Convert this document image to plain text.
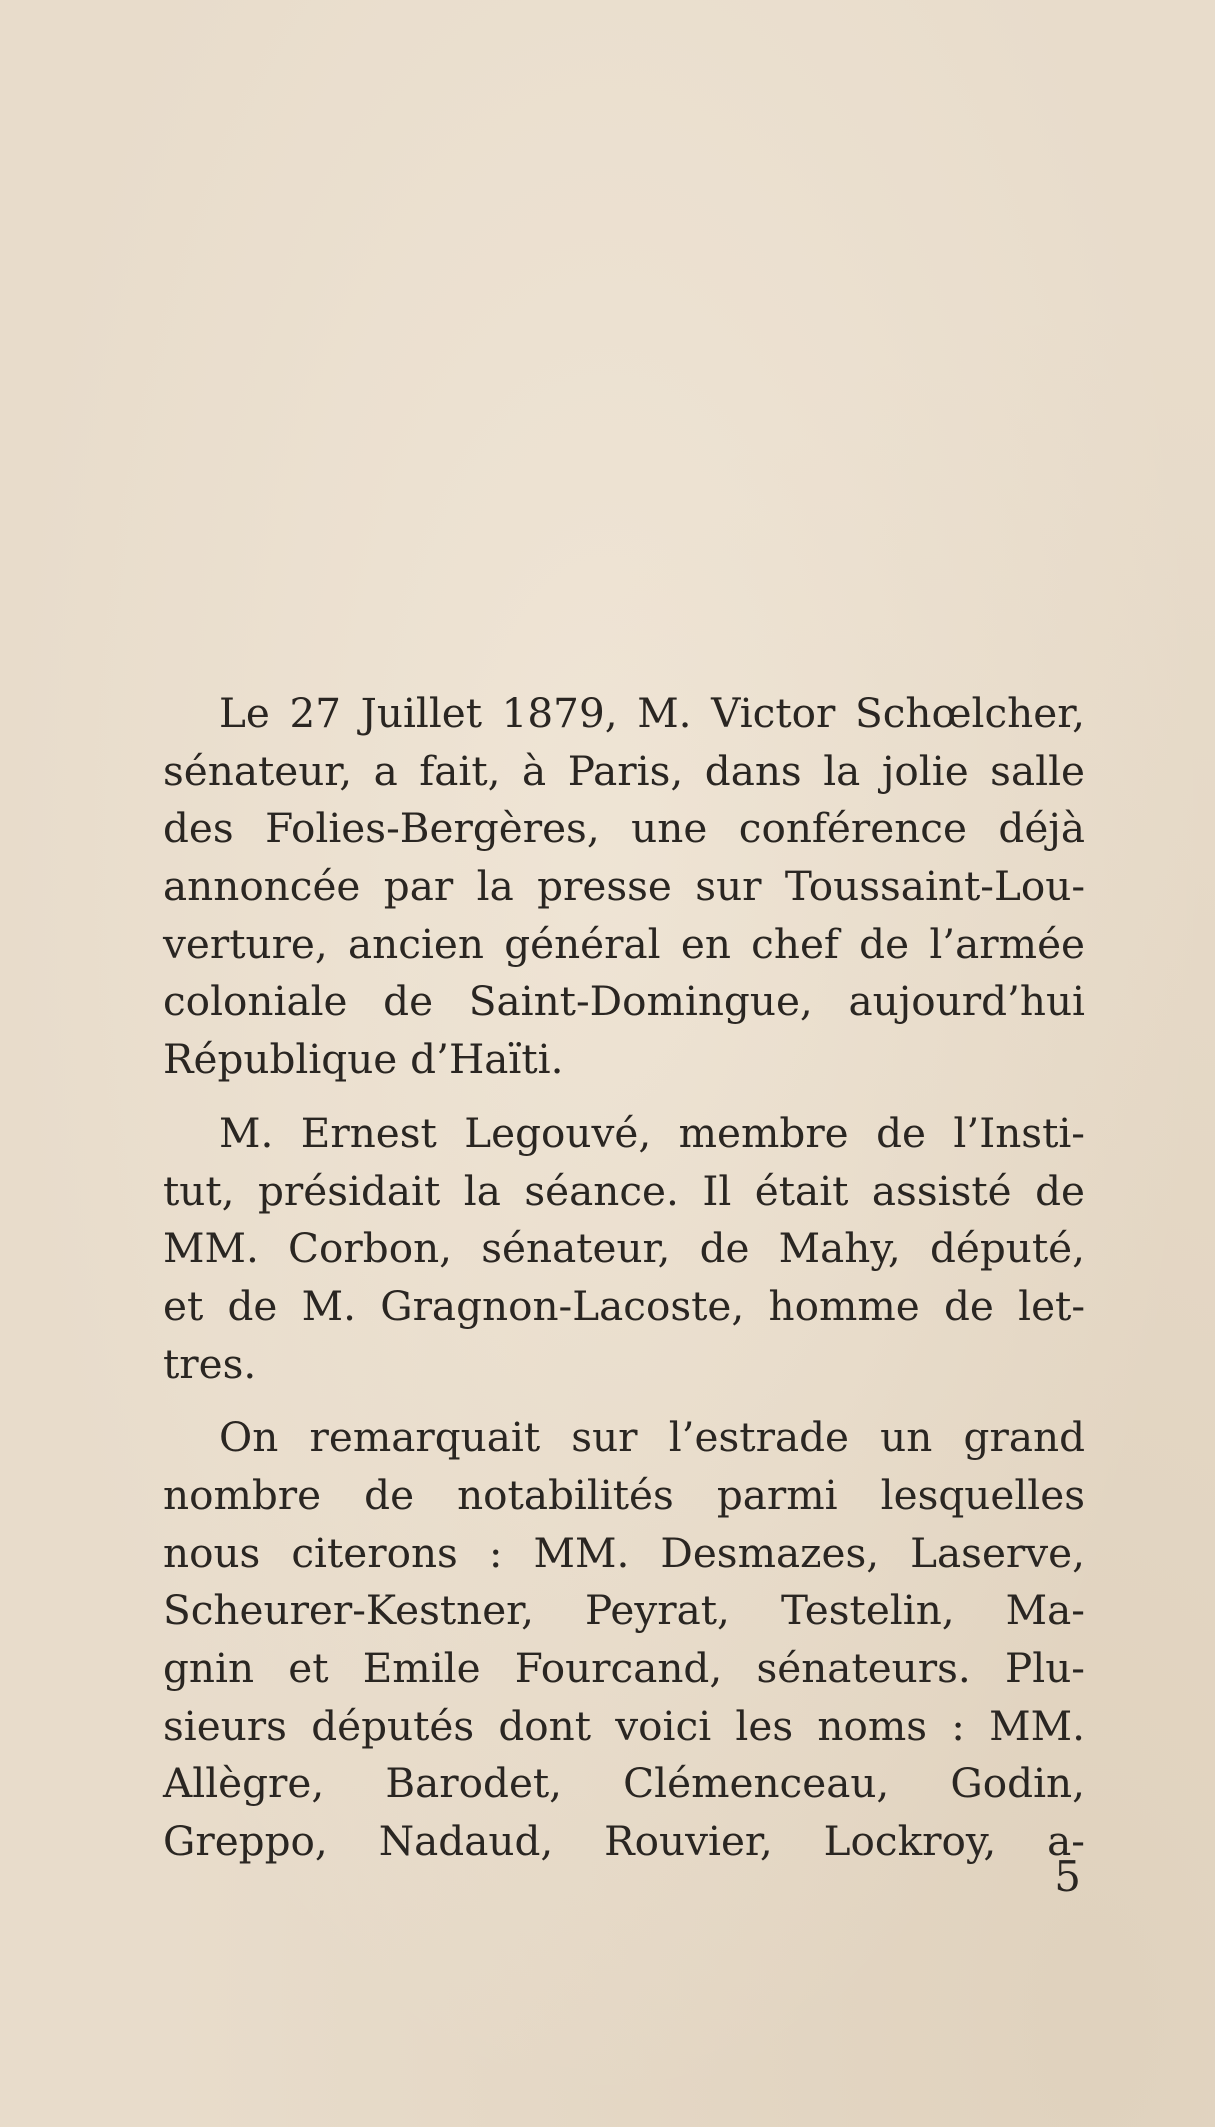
Le 27 Juillet 1879, M. Victor Schœlcher,
sénateur, a fait, à Paris, dans la jolie salle
des Folies-Bergères, une conférence déjà
annoncée par la presse sur Toussaint-Lou-
verture, ancien général en chef de l’armée
coloniale de Saint-Domingue, aujourd’hui
République d’Haïti.
M. Ernest Legouvé, membre de l’Insti-
tut, présidait la séance. Il était assisté de
MM. Corbon, sénateur, de Mahy, député,
et de M. Gragnon-Lacoste, homme de let-
tres.
On remarquait sur l’estrade un grand
nombre de notabilités parmi lesquelles
nous citerons : MM. Desmazes, Laserve,
Scheurer-Kestner, Peyrat, Testelin, Ma-
gnin et Emile Fourcand, sénateurs. Plu-
sieurs députés dont voici les noms : MM.
Allègre, Barodet, Clémenceau, Godin,
Greppo, Nadaud, Rouvier, Lockroy, a-
5
